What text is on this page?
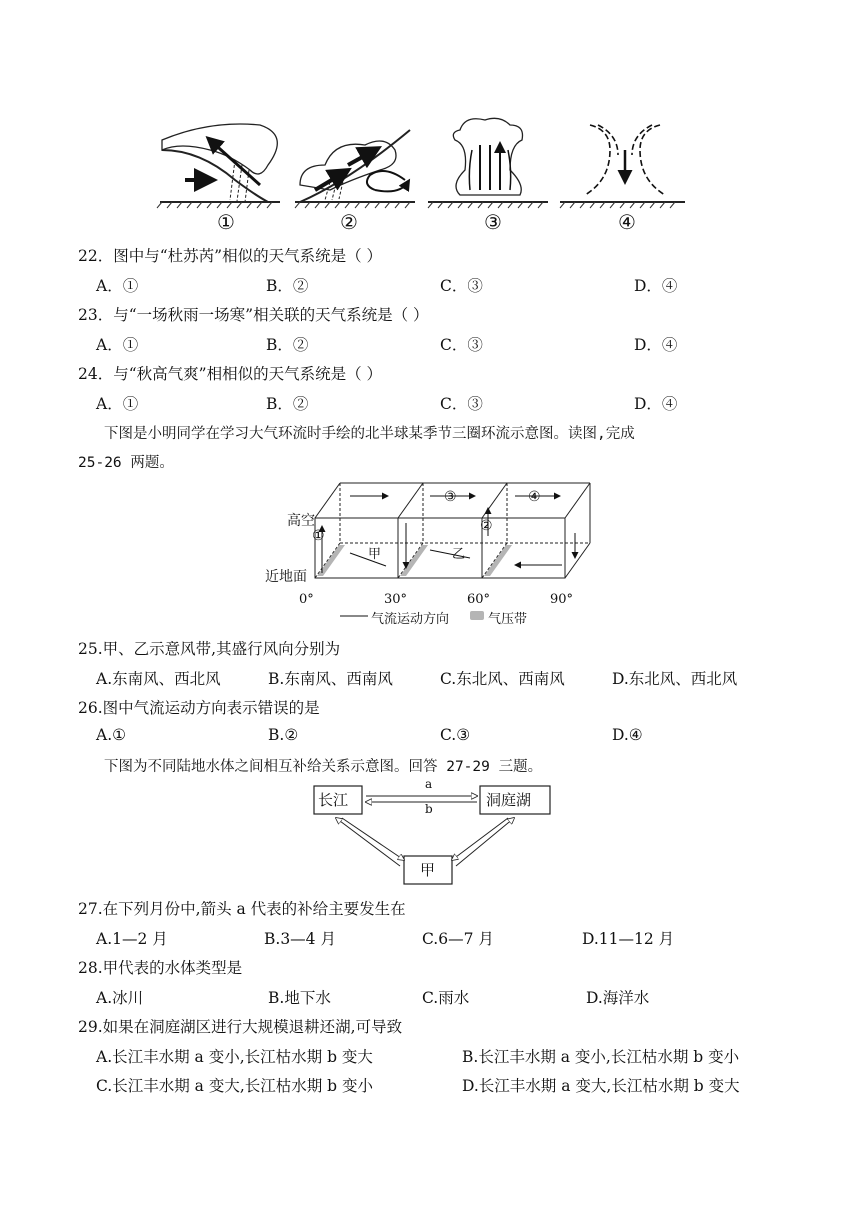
①	②	③	④
22．图中与“杜苏芮”相似的天气系统是（ ）
A．①	B．②	C．③	D．④
23．与“一场秋雨一场寒”相关联的天气系统是（ ）
A．①	B．②	C．③	D．④
24．与“秋高气爽”相相似的天气系统是（ ）
A．①	B．②	C．③	D．④
下图是小明同学在学习大气环流时手绘的北半球某季节三圈环流示意图。读图,完成
25-26 两题。
高空
近地面
甲	乙
①
②
③	④
0°	30°	60°	90°
气流运动方向	气压带
25.甲、乙示意风带,其盛行风向分别为
A.东南风、西北风	B.东南风、西南风	C.东北风、西南风	D.东北风、西北风
26.图中气流运动方向表示错误的是
A.①	B.②	C.③	D.④
下图为不同陆地水体之间相互补给关系示意图。回答 27-29 三题。
长江	洞庭湖
甲
a
b
27.在下列月份中,箭头 a 代表的补给主要发生在
A.1—2 月	B.3—4 月	C.6—7 月	D.11—12 月
28.甲代表的水体类型是
A.冰川	B.地下水	C.雨水	D.海洋水
29.如果在洞庭湖区进行大规模退耕还湖,可导致
A.长江丰水期 a 变小,长江枯水期 b 变大	B.长江丰水期 a 变小,长江枯水期 b 变小
C.长江丰水期 a 变大,长江枯水期 b 变小	D.长江丰水期 a 变大,长江枯水期 b 变大
